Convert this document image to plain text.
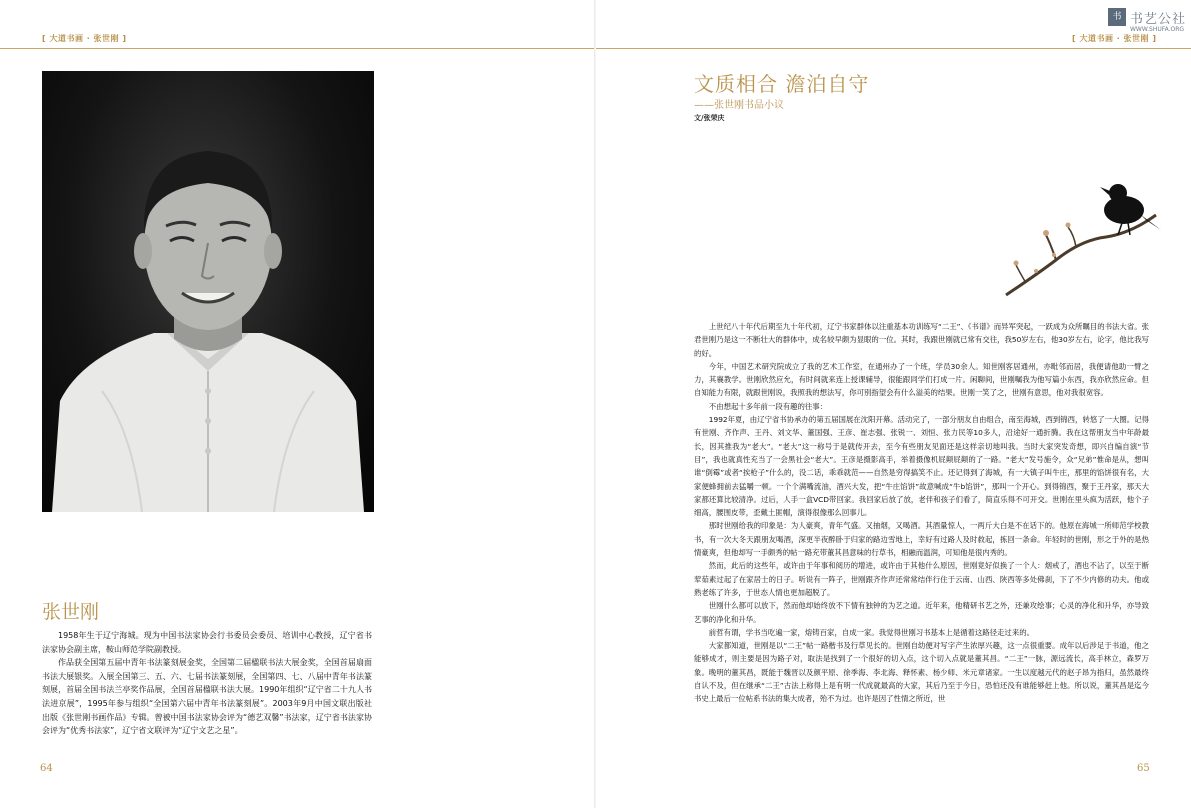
[ 大道书画 · 张世刚 ]
张世刚

1958年生于辽宁海城。现为中国书法家协会行书委员会委员、培训中心教授，辽宁省书法家协会副主席，鞍山师范学院副教授。

作品获全国第五届中青年书法篆刻展金奖，全国第二届楹联书法大展金奖，全国首届扇面书法大展银奖。入展全国第三、五、六、七届书法篆刻展，全国第四、七、八届中青年书法篆刻展，首届全国书法兰亭奖作品展，全国首届楹联书法大展。1990年组织“辽宁省二十九人书法进京展”，1995年参与组织“全国第六届中青年书法篆刻展”。2003年9月中国文联出版社出版《张世刚书画作品》专辑。曾被中国书法家协会评为“德艺双馨”书法家，辽宁省书法家协会评为“优秀书法家”，辽宁省文联评为“辽宁文艺之星”。

64
[ 大道书画 · 张世刚 ]
书 书艺公社
WWW.SHUFA.ORG
文质相合 澹泊自守
——张世刚书品小议
文/张荣庆

上世纪八十年代后期至九十年代初，辽宁书家群体以注重基本功训练写“二王”、《书谱》而异军突起，一跃成为众所瞩目的书法大省。张君世刚乃是这一不断壮大的群体中，成名较早颇为显眼的一位。其时，我跟世刚就已常有交往，我50岁左右，他30岁左右，论字，他比我写的好。

今年，中国艺术研究院成立了我的艺术工作室，在通州办了一个班，学员30余人。知世刚客居通州，亦毗邻而居，我便请他助一臂之力，其襄教学。世刚欣然应允，有时间就来连上授课辅导，很能跟同学们打成一片。闲聊间，世刚嘱我为他写篇小东西，我亦欣然应命。但自知能力有限，就跟世刚说，我照我的想法写，你可别指望会有什么溢美的结果。世刚一笑了之，世刚有意思，他对我很宽容。

不由想起十多年前一段有趣的往事：

1992年夏，由辽宁省书协承办的第五届国展在沈阳开幕。活动完了，一部分朋友自由组合，南至海城，西到锦西，转悠了一大圈。记得有世刚、齐作声、王丹、刘文华、董国强、王彦、崔志强、张锐一、刘恒、张力民等10多人，沿途好一通折腾。我在这帮朋友当中年龄最长，因其推我为“老大”。“老大”这一称号于是就传开去，至今有些朋友见面还是这样亲切地叫我。当时大家突发奇想，即兴自编自演“节目”，我也就真性充当了一会黑社会“老大”。王彦是摄影高手，举着摄像机屁颠屁颠的了一路。“老大”发号施令，众“兄弟”惟命是从，想叫谁“倒霉”或者“挨枪子”什么的，没二话，乖乖就范——自然是穷得搞笑不止。还记得到了海城，有一大镇子叫牛庄，那里的馅饼很有名，大家便蜂拥前去猛嚼一顿。一个个满嘴流油，酒兴大发，把“牛庄馅饼”故意喊成“牛b馅饼”，那叫一个开心。到得锦西，聚于王丹家，那天大家都还算比较清净。过后，人手一盒VCD带回家。我回家后放了放，老伴和孩子们看了，简直乐得不可开交。世刚在里头疯为活跃，他个子细高，腰围皮带，歪戴土匪帽，演得很像那么回事儿。

那时世刚给我的印象是：为人豪爽，青年气盛。又抽烟，又喝酒。其酒量惊人，一两斤大白是不在话下的。他原在海城一所师范学校教书，有一次大冬天跟朋友喝酒，深更半夜醉卧于归家的路边雪地上，幸好有过路人及时救起，拣回一条命。年轻时的世刚，形之于外的是热情豪爽，但他却写一手颇秀的帖一路充带董其昌意味的行草书，相融而温润，可知他是很内秀的。

然而，此后的这些年，或许由于年事和阅历的增进，或许由于其他什么原因，世刚竟好似换了一个人：烟戒了，酒也不沾了，以至于断荤茹素过起了在家居士的日子。听说有一阵子，世刚跟齐作声还常常结伴行住于云南、山西、陕西等多处佛刹，下了不少内修的功夫。他或熟老练了许多，于世态人情也更加超脱了。

世刚什么都可以放下，然而他却始终放不下情有独钟的为艺之道。近年来，他精研书艺之外，还兼攻绘事；心灵的净化和升华，亦导致艺事的净化和升华。

前哲有谓，学书当吃遍一家，熔铸百家，自成一家。我觉得世刚习书基本上是循着这路径走过来的。

大家都知道，世刚是以“二王”帖一路楷书及行草见长的。世刚自幼便对写字产生浓厚兴趣，这一点很重要。成年以后涉足于书道，他之能够成才，则主要是因为路子对，取法是找到了一个很好的切入点，这个切入点就是董其昌。“二王”一脉，源远流长，高手林立，森罗万象。晚明的董其昌，既能于魏晋以及颜平原、徐季海、李北海、释怀素、杨少师、米元章诸家。一生以度越元代的赵子昂为指归，虽然最终自认不及，但在继承“二王”古法上称得上是有明一代成就最高的大家，其后乃至于今日，恐怕还没有谁能够赶上他。所以说，董其昌是迄今书史上最后一位帖系书法的集大成者，殆不为过。也许是因了性情之所近，世

65
